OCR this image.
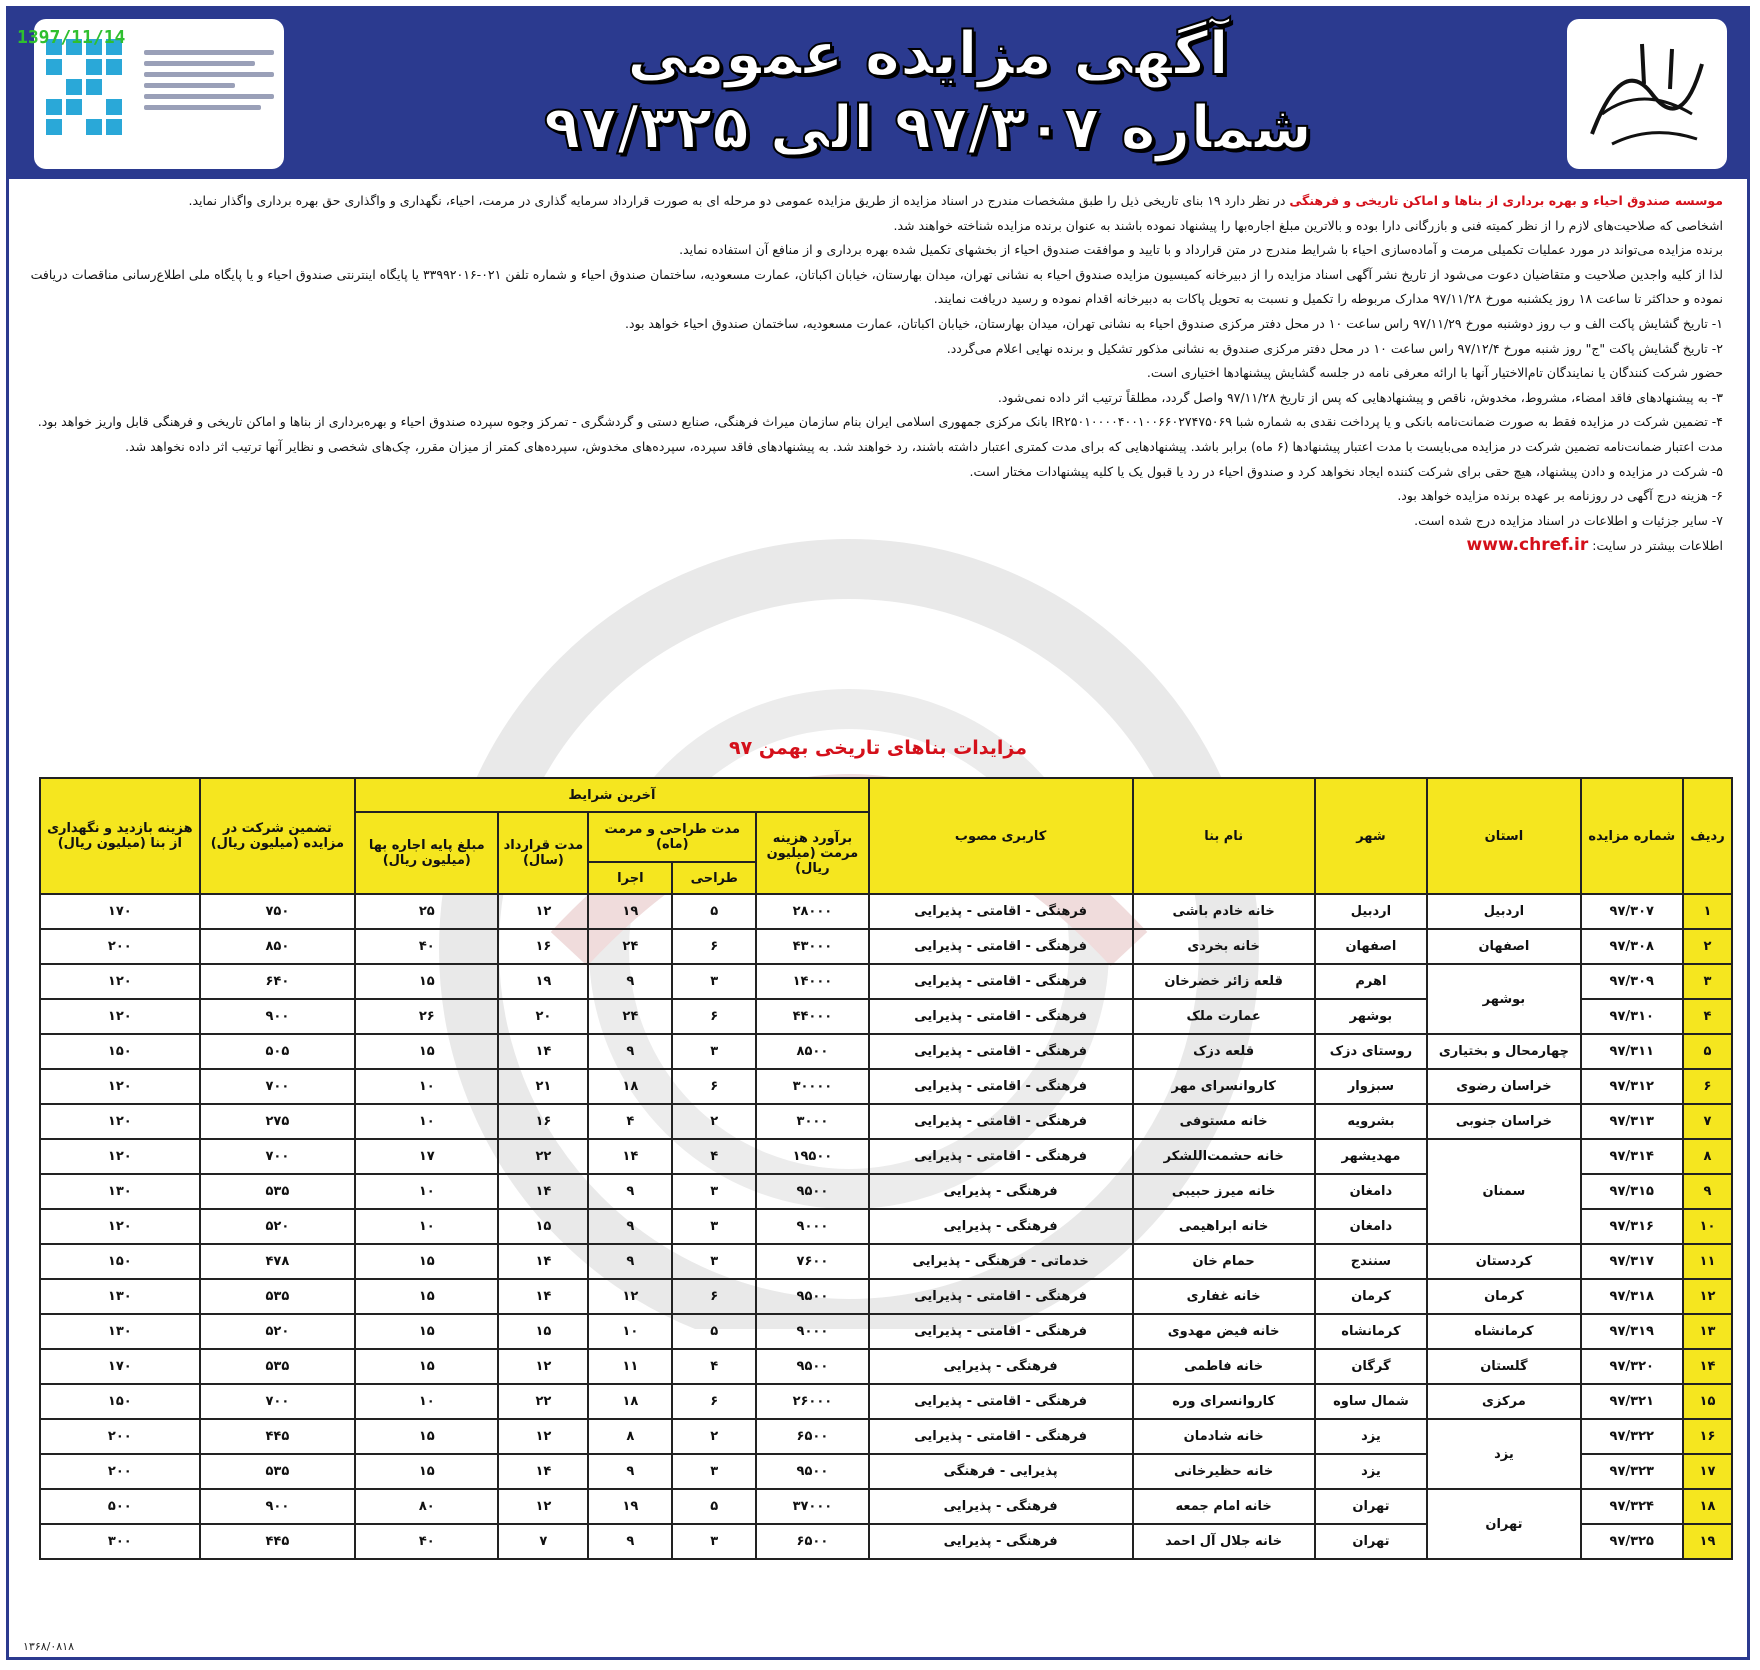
آگهی مزایده عمومی
شماره ۹۷/۳۰۷ الی ۹۷/۳۲۵
1397/11/14

موسسه صندوق احیاء و بهره برداری از بناها و اماکن تاریخی و فرهنگی در نظر دارد ۱۹ بنای تاریخی ذیل را طبق مشخصات مندرج در اسناد مزایده از طریق مزایده عمومی دو مرحله ای به صورت قرارداد سرمایه گذاری در مرمت، احیاء، نگهداری و واگذاری حق بهره برداری واگذار نماید.

اشخاصی که صلاحیت‌های لازم را از نظر کمیته فنی و بازرگانی دارا بوده و بالاترین مبلغ اجاره‌بها را پیشنهاد نموده باشند به عنوان برنده مزایده شناخته خواهند شد.

برنده مزایده می‌تواند در مورد عملیات تکمیلی مرمت و آماده‌سازی احیاء با شرایط مندرج در متن قرارداد و با تایید و موافقت صندوق احیاء از بخشهای تکمیل شده بهره برداری و از منافع آن استفاده نماید.

لذا از کلیه واجدین صلاحیت و متقاضیان دعوت می‌شود از تاریخ نشر آگهی اسناد مزایده را از دبیرخانه کمیسیون مزایده صندوق احیاء به نشانی تهران، میدان بهارستان، خیابان اکباتان، عمارت مسعودیه، ساختمان صندوق احیاء و شماره تلفن ۰۲۱-۳۳۹۹۲۰۱۶ یا پایگاه اینترنتی صندوق احیاء و یا پایگاه ملی اطلاع‌رسانی مناقصات دریافت نموده و حداکثر تا ساعت ۱۸ روز یکشنبه مورخ ۹۷/۱۱/۲۸ مدارک مربوطه را تکمیل و نسبت به تحویل پاکات به دبیرخانه اقدام نموده و رسید دریافت نمایند.

۱- تاریخ گشایش پاکت الف و ب روز دوشنبه مورخ ۹۷/۱۱/۲۹ راس ساعت ۱۰ در محل دفتر مرکزی صندوق احیاء به نشانی تهران، میدان بهارستان، خیابان اکباتان، عمارت مسعودیه، ساختمان صندوق احیاء خواهد بود.

۲- تاریخ گشایش پاکت "ج" روز شنبه مورخ ۹۷/۱۲/۴ راس ساعت ۱۰ در محل دفتر مرکزی صندوق به نشانی مذکور تشکیل و برنده نهایی اعلام می‌گردد.

حضور شرکت کنندگان یا نمایندگان تام‌الاختیار آنها با ارائه معرفی نامه در جلسه گشایش پیشنهادها اختیاری است.

۳- به پیشنهادهای فاقد امضاء، مشروط، مخدوش، ناقص و پیشنهادهایی که پس از تاریخ ۹۷/۱۱/۲۸ واصل گردد، مطلقاً ترتیب اثر داده نمی‌شود.

۴- تضمین شرکت در مزایده فقط به صورت ضمانت‌نامه بانکی و یا پرداخت نقدی به شماره شبا IR۲۵۰۱۰۰۰۰۴۰۰۱۰۰۶۶۰۲۷۴۷۵۰۶۹ بانک مرکزی جمهوری اسلامی ایران بنام سازمان میراث فرهنگی، صنایع دستی و گردشگری - تمرکز وجوه سپرده صندوق احیاء و بهره‌برداری از بناها و اماکن تاریخی و فرهنگی قابل واریز خواهد بود. مدت اعتبار ضمانت‌نامه تضمین شرکت در مزایده می‌بایست با مدت اعتبار پیشنهادها (۶ ماه) برابر باشد. پیشنهادهایی که برای مدت کمتری اعتبار داشته باشند، رد خواهند شد. به پیشنهادهای فاقد سپرده، سپرده‌های مخدوش، سپرده‌های کمتر از میزان مقرر، چک‌های شخصی و نظایر آنها ترتیب اثر داده نخواهد شد.

۵- شرکت در مزایده و دادن پیشنهاد، هیچ حقی برای شرکت کننده ایجاد نخواهد کرد و صندوق احیاء در رد یا قبول یک یا کلیه پیشنهادات مختار است.

۶- هزینه درج آگهی در روزنامه بر عهده برنده مزایده خواهد بود.

۷- سایر جزئیات و اطلاعات در اسناد مزایده درج شده است.

اطلاعات بیشتر در سایت: www.chref.ir

مزایدات بناهای تاریخی بهمن ۹۷
ردیف	شماره مزایده	استان	شهر	نام بنا	کاربری مصوب	آخرین شرایط					تضمین شرکت در مزایده (میلیون ریال)	هزینه بازدید و نگهداری از بنا (میلیون ریال)
						برآورد هزینه مرمت (میلیون ریال)	مدت طراحی و مرمت (ماه)		مدت قرارداد (سال)	مبلغ پایه اجاره بها (میلیون ریال)		
							طراحی	اجرا				
۱	۹۷/۳۰۷	اردبیل	اردبیل	خانه خادم باشی	فرهنگی - اقامتی - پذیرایی	۲۸۰۰۰	۵	۱۹	۱۲	۲۵	۷۵۰	۱۷۰
۲	۹۷/۳۰۸	اصفهان	اصفهان	خانه بخردی	فرهنگی - اقامتی - پذیرایی	۴۳۰۰۰	۶	۲۴	۱۶	۴۰	۸۵۰	۲۰۰
۳	۹۷/۳۰۹	بوشهر	اهرم	قلعه زائر خضرخان	فرهنگی - اقامتی - پذیرایی	۱۴۰۰۰	۳	۹	۱۹	۱۵	۶۴۰	۱۲۰
۴	۹۷/۳۱۰		بوشهر	عمارت ملک	فرهنگی - اقامتی - پذیرایی	۴۴۰۰۰	۶	۲۴	۲۰	۲۶	۹۰۰	۱۲۰
۵	۹۷/۳۱۱	چهارمحال و بختیاری	روستای دزک	قلعه دزک	فرهنگی - اقامتی - پذیرایی	۸۵۰۰	۳	۹	۱۴	۱۵	۵۰۵	۱۵۰
۶	۹۷/۳۱۲	خراسان رضوی	سبزوار	کاروانسرای مهر	فرهنگی - اقامتی - پذیرایی	۳۰۰۰۰	۶	۱۸	۲۱	۱۰	۷۰۰	۱۲۰
۷	۹۷/۳۱۳	خراسان جنوبی	بشرویه	خانه مستوفی	فرهنگی - اقامتی - پذیرایی	۳۰۰۰	۲	۴	۱۶	۱۰	۲۷۵	۱۲۰
۸	۹۷/۳۱۴	سمنان	مهدیشهر	خانه حشمت‌اللشکر	فرهنگی - اقامتی - پذیرایی	۱۹۵۰۰	۴	۱۴	۲۲	۱۷	۷۰۰	۱۲۰
۹	۹۷/۳۱۵		دامغان	خانه میرز حبیبی	فرهنگی - پذیرایی	۹۵۰۰	۳	۹	۱۴	۱۰	۵۳۵	۱۳۰
۱۰	۹۷/۳۱۶		دامغان	خانه ابراهیمی	فرهنگی - پذیرایی	۹۰۰۰	۳	۹	۱۵	۱۰	۵۲۰	۱۲۰
۱۱	۹۷/۳۱۷	کردستان	سنندج	حمام خان	خدماتی - فرهنگی - پذیرایی	۷۶۰۰	۳	۹	۱۴	۱۵	۴۷۸	۱۵۰
۱۲	۹۷/۳۱۸	کرمان	کرمان	خانه غفاری	فرهنگی - اقامتی - پذیرایی	۹۵۰۰	۶	۱۲	۱۴	۱۵	۵۳۵	۱۳۰
۱۳	۹۷/۳۱۹	کرمانشاه	کرمانشاه	خانه فیض مهدوی	فرهنگی - اقامتی - پذیرایی	۹۰۰۰	۵	۱۰	۱۵	۱۵	۵۲۰	۱۳۰
۱۴	۹۷/۳۲۰	گلستان	گرگان	خانه فاطمی	فرهنگی - پذیرایی	۹۵۰۰	۴	۱۱	۱۲	۱۵	۵۳۵	۱۷۰
۱۵	۹۷/۳۲۱	مرکزی	شمال ساوه	کاروانسرای وره	فرهنگی - اقامتی - پذیرایی	۲۶۰۰۰	۶	۱۸	۲۲	۱۰	۷۰۰	۱۵۰
۱۶	۹۷/۳۲۲	یزد	یزد	خانه شادمان	فرهنگی - اقامتی - پذیرایی	۶۵۰۰	۲	۸	۱۲	۱۵	۴۴۵	۲۰۰
۱۷	۹۷/۳۲۳		یزد	خانه حظیرخانی	پذیرایی - فرهنگی	۹۵۰۰	۳	۹	۱۴	۱۵	۵۳۵	۲۰۰
۱۸	۹۷/۳۲۴	تهران	تهران	خانه امام جمعه	فرهنگی - پذیرایی	۳۷۰۰۰	۵	۱۹	۱۲	۸۰	۹۰۰	۵۰۰
۱۹	۹۷/۳۲۵		تهران	خانه جلال آل احمد	فرهنگی - پذیرایی	۶۵۰۰	۳	۹	۷	۴۰	۴۴۵	۳۰۰
۱۳۶۸/۰۸۱۸
